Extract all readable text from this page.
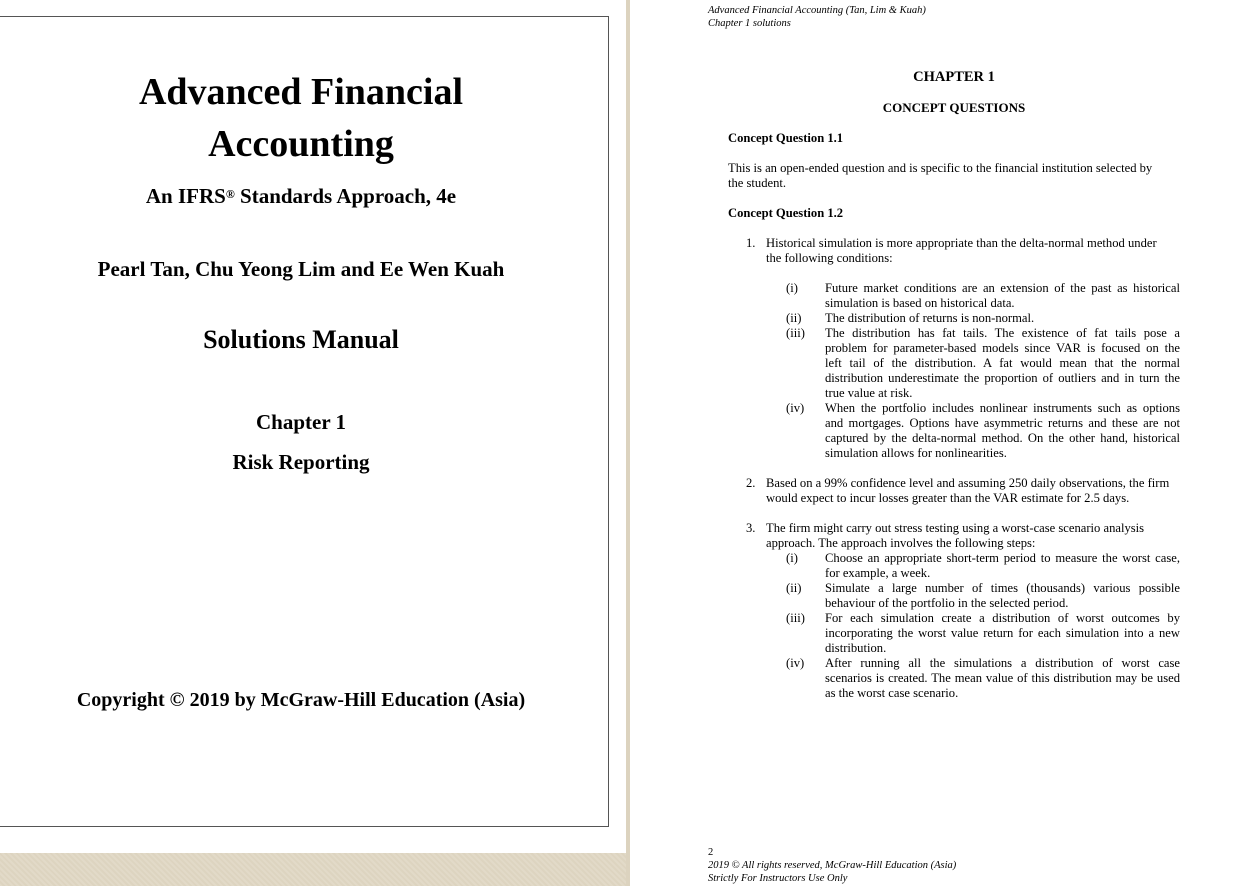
Advanced Financial
Accounting
An IFRS® Standards Approach, 4e
Pearl Tan, Chu Yeong Lim and Ee Wen Kuah
Solutions Manual
Chapter 1
Risk Reporting
Copyright © 2019 by McGraw-Hill Education (Asia)
Advanced Financial Accounting (Tan, Lim & Kuah)
Chapter 1 solutions
CHAPTER 1
CONCEPT QUESTIONS
Concept Question 1.1
This is an open-ended question and is specific to the financial institution selected by
the student.
Concept Question 1.2
1. Historical simulation is more appropriate than the delta-normal method under
the following conditions:
(i) Future market conditions are an extension of the past as historical
simulation is based on historical data.
(ii) The distribution of returns is non-normal.
(iii) The distribution has fat tails. The existence of fat tails pose a
problem for parameter-based models since VAR is focused on the
left tail of the distribution. A fat would mean that the normal
distribution underestimate the proportion of outliers and in turn the
true value at risk.
(iv) When the portfolio includes nonlinear instruments such as options
and mortgages. Options have asymmetric returns and these are not
captured by the delta-normal method. On the other hand, historical
simulation allows for nonlinearities.
2. Based on a 99% confidence level and assuming 250 daily observations, the firm
would expect to incur losses greater than the VAR estimate for 2.5 days.
3. The firm might carry out stress testing using a worst-case scenario analysis
approach. The approach involves the following steps:
(i) Choose an appropriate short-term period to measure the worst case,
for example, a week.
(ii) Simulate a large number of times (thousands) various possible
behaviour of the portfolio in the selected period.
(iii) For each simulation create a distribution of worst outcomes by
incorporating the worst value return for each simulation into a new
distribution.
(iv) After running all the simulations a distribution of worst case
scenarios is created. The mean value of this distribution may be used
as the worst case scenario.
2
2019 © All rights reserved, McGraw-Hill Education (Asia)
Strictly For Instructors Use Only
